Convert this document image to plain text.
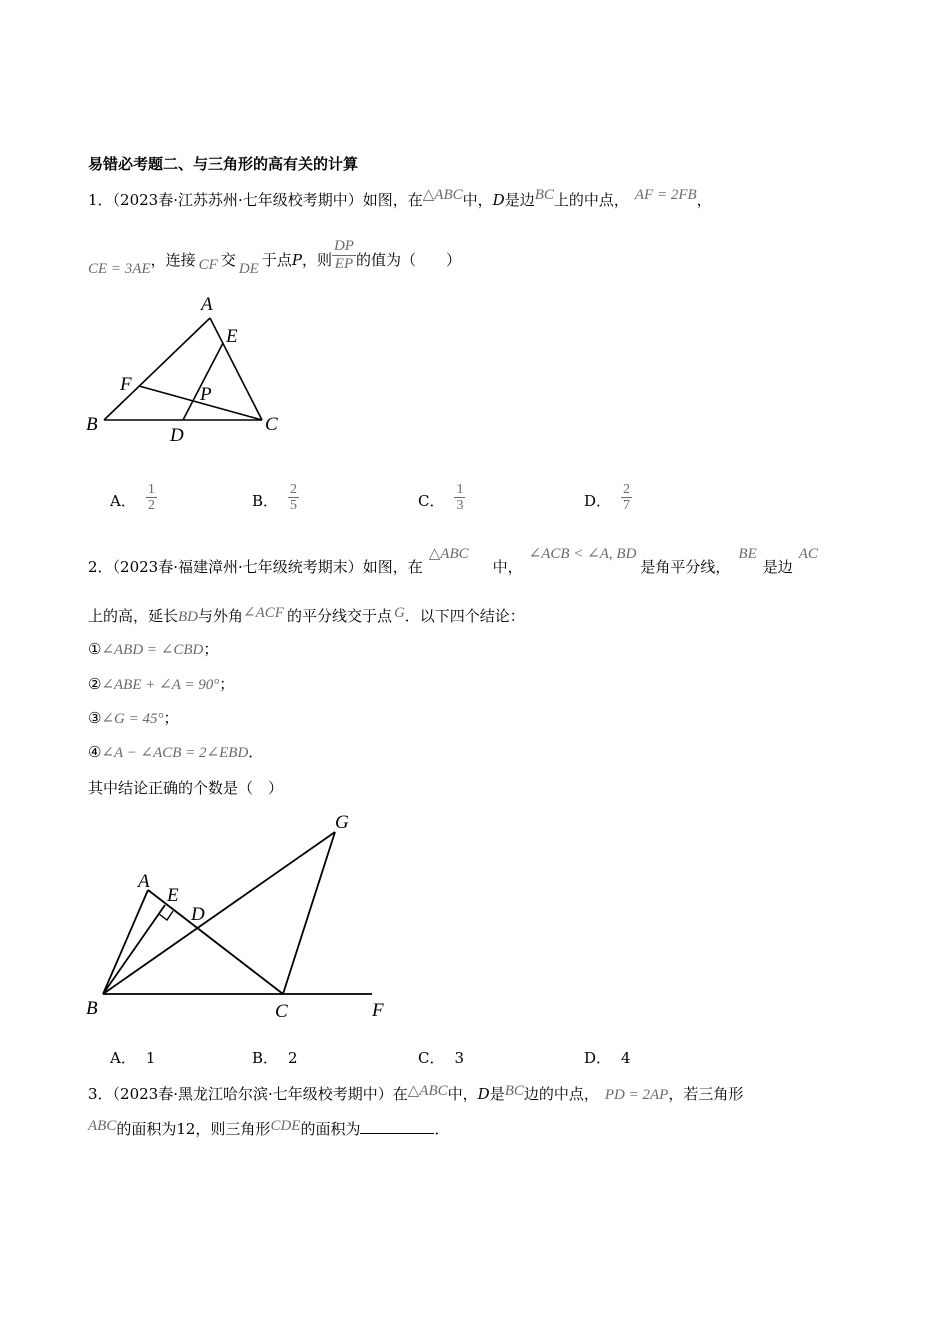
易错必考题二、与三角形的高有关的计算
1．（2023春·江苏苏州·七年级校考期中）如图，在△ABC中，D是边BC上的中点， AF = 2FB，
CE = 3AE，连接 CF 交 DE 于点P，则 $\frac{DP}{EP}$ 的值为（　　）
A
E
F	P
B	C
D
A． $\frac{1}{2}$	B． $\frac{2}{5}$	C． $\frac{1}{3}$	D． $\frac{2}{7}$
2．（2023春·福建漳州·七年级统考期末）如图，在△ABC中，∠ACB < ∠A, BD是角平分线，BE是边AC
上的高，延长BD与外角∠ACF 的平分线交于点 G．以下四个结论：
①∠ABD = ∠CBD；
②∠ABE + ∠A = 90°；
③∠G = 45°；
④∠A − ∠ACB = 2∠EBD．
其中结论正确的个数是（　）
A
E
D
G
B	C	F
A． 1	B． 2	C． 3	D． 4
3．（2023春·黑龙江哈尔滨·七年级校考期中）在△ABC中，D是BC边的中点， PD = 2AP，若三角形
ABC的面积为12，则三角形CDE的面积为	．
